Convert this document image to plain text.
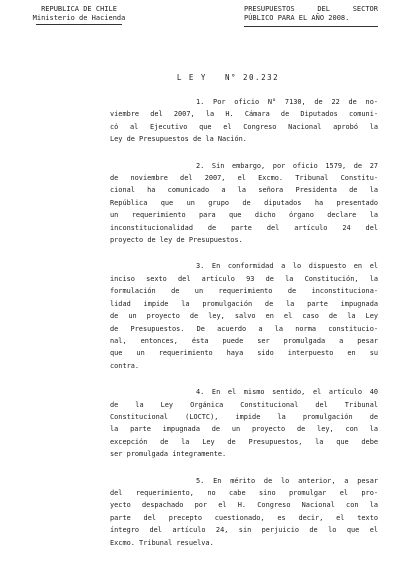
REPUBLICA DE CHILE
Ministerio de Hacienda
PRESUPUESTOS	DEL	SECTOR
PÚBLICO PARA EL AÑO 2008.
L E Y   N° 20.232
1. Por oficio N° 7130, de 22 de no-
viembre del 2007, la H. Cámara de Diputados comuni-
có al Ejecutivo que el Congreso Nacional aprobó la
Ley de Presupuestos de la Nación.
2. Sin embargo, por oficio 1579, de 27
de noviembre del 2007, el Excmo. Tribunal Constitu-
cional ha comunicado a la señora Presidenta de la
República que un grupo de diputados ha presentado
un requerimiento para que dicho órgano declare la
inconstitucionalidad de parte del artículo 24 del
proyecto de ley de Presupuestos.
3. En conformidad a lo dispuesto en el
inciso sexto del artículo 93 de la Constitución, la
formulación de un requerimiento de inconstituciona-
lidad impide la promulgación de la parte impugnada
de un proyecto de ley, salvo en el caso de la Ley
de Presupuestos. De acuerdo a la norma constitucio-
nal, entonces, ésta puede ser promulgada a pesar
que un requerimiento haya sido interpuesto en su
contra.
4. En el mismo sentido, el artículo 40
de la Ley Orgánica Constitucional del Tribunal
Constitucional (LOCTC), impide la promulgación de
la parte impugnada de un proyecto de ley, con la
excepción de la Ley de Presupuestos, la que debe
ser promulgada íntegramente.
5. En mérito de lo anterior, a pesar
del requerimiento, no cabe sino promulgar el pro-
yecto despachado por el H. Congreso Nacional con la
parte del precepto cuestionado, es decir, el texto
íntegro del artículo 24, sin perjuicio de lo que el
Excmo. Tribunal resuelva.
